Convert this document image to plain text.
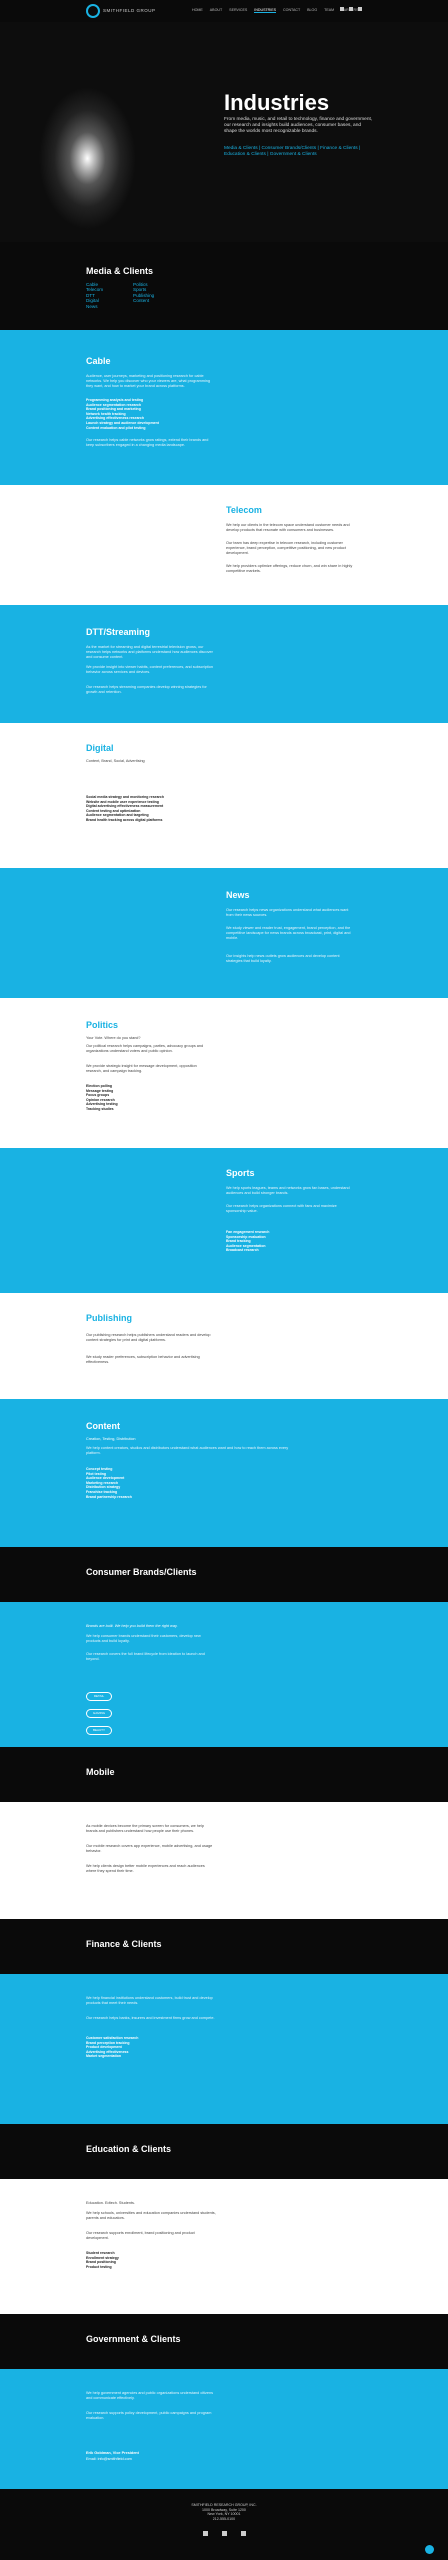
SMITHFIELD GROUP	HOME ABOUT SERVICES INDUSTRIES CONTACT BLOG TEAM
Industries
From media, music, and retail to technology, finance and government, our research and insights build audiences, consumer bases, and shape the worlds most recognizable brands.
Media & Clients | Consumer Brands/Clients | Finance & Clients | Education & Clients | Government & Clients
Media & Clients
Cable
Telecom
DTT
Digital
News
Politics
Sports
Publishing
Content
Cable
Audience, user journeys, marketing and positioning research for cable networks. We help you discover who your viewers are, what programming they want, and how to market your brand across platforms.
Programming analysis and testing
Audience segmentation research
Brand positioning and marketing
Network health tracking
Advertising effectiveness research
Launch strategy and audience development
Content evaluation and pilot testing
Our research helps cable networks grow ratings, extend their brands and keep subscribers engaged in a changing media landscape.
Telecom
We help our clients in the telecom space understand customer needs and develop products that resonate with consumers and businesses.
Our team has deep expertise in telecom research, including customer experience, brand perception, competitive positioning, and new product development.
We help providers optimize offerings, reduce churn, and win share in highly competitive markets.
DTT/Streaming
As the market for streaming and digital terrestrial television grows, our research helps networks and platforms understand how audiences discover and consume content.
We provide insight into viewer habits, content preferences, and subscription behavior across services and devices.
Our research helps streaming companies develop winning strategies for growth and retention.
Digital
Content, Brand, Social, Advertising
Social media strategy and monitoring research
Website and mobile user experience testing
Digital advertising effectiveness measurement
Content testing and optimization
Audience segmentation and targeting
Brand health tracking across digital platforms
News
Our research helps news organizations understand what audiences want from their news sources.
We study viewer and reader trust, engagement, brand perception, and the competitive landscape for news brands across broadcast, print, digital and mobile.
Our insights help news outlets grow audiences and develop content strategies that build loyalty.
Politics
Your Vote. Where do you stand?
Our political research helps campaigns, parties, advocacy groups and organizations understand voters and public opinion.
We provide strategic insight for message development, opposition research, and campaign tracking.
Election polling
Message testing
Focus groups
Opinion research
Advertising testing
Tracking studies
Sports
We help sports leagues, teams and networks grow fan bases, understand audiences and build stronger brands.
Our research helps organizations connect with fans and maximize sponsorship value.
Fan engagement research
Sponsorship evaluation
Brand tracking
Audience segmentation
Broadcast research
Publishing
Our publishing research helps publishers understand readers and develop content strategies for print and digital platforms.
We study reader preferences, subscription behavior and advertising effectiveness.
Content
Creation, Testing, Distribution
We help content creators, studios and distributors understand what audiences want and how to reach them across every platform.
Concept testing
Pilot testing
Audience development
Marketing research
Distribution strategy
Franchise tracking
Brand partnership research
Consumer Brands/Clients
Brands are built. We help you build them the right way.
We help consumer brands understand their customers, develop new products and build loyalty.
Our research covers the full brand lifecycle from ideation to launch and beyond.
RETAIL
GAMING
BEAUTY
Mobile
As mobile devices become the primary screen for consumers, we help brands and publishers understand how people use their phones.
Our mobile research covers app experience, mobile advertising, and usage behavior.
We help clients design better mobile experiences and reach audiences where they spend their time.
Finance & Clients
We help financial institutions understand customers, build trust and develop products that meet their needs.
Our research helps banks, insurers and investment firms grow and compete.
Customer satisfaction research
Brand perception tracking
Product development
Advertising effectiveness
Market segmentation
Education & Clients
Education. Edtech. Students.
We help schools, universities and education companies understand students, parents and educators.
Our research supports enrollment, brand positioning and product development.
Student research
Enrollment strategy
Brand positioning
Product testing
Government & Clients
We help government agencies and public organizations understand citizens and communicate effectively.
Our research supports policy development, public campaigns and program evaluation.
Erik Goldman, Vice President
Email: info@smithfield.com
SMITHFIELD RESEARCH GROUP, INC.
1000 Broadway, Suite 1200
New York, NY 10001
212-555-0100
